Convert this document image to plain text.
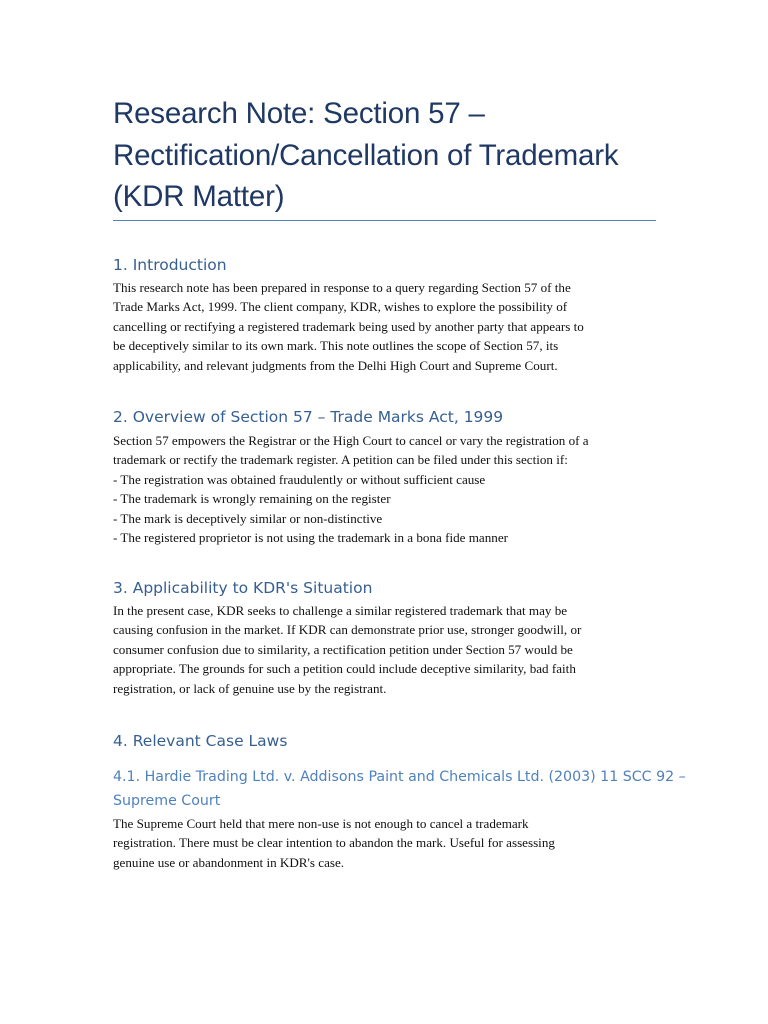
Research Note: Section 57 –
Rectification/Cancellation of Trademark
(KDR Matter)
1. Introduction

This research note has been prepared in response to a query regarding Section 57 of the
Trade Marks Act, 1999. The client company, KDR, wishes to explore the possibility of
cancelling or rectifying a registered trademark being used by another party that appears to
be deceptively similar to its own mark. This note outlines the scope of Section 57, its
applicability, and relevant judgments from the Delhi High Court and Supreme Court.

2. Overview of Section 57 – Trade Marks Act, 1999

Section 57 empowers the Registrar or the High Court to cancel or vary the registration of a
trademark or rectify the trademark register. A petition can be filed under this section if:
- The registration was obtained fraudulently or without sufficient cause
- The trademark is wrongly remaining on the register
- The mark is deceptively similar or non-distinctive
- The registered proprietor is not using the trademark in a bona fide manner

3. Applicability to KDR's Situation

In the present case, KDR seeks to challenge a similar registered trademark that may be
causing confusion in the market. If KDR can demonstrate prior use, stronger goodwill, or
consumer confusion due to similarity, a rectification petition under Section 57 would be
appropriate. The grounds for such a petition could include deceptive similarity, bad faith
registration, or lack of genuine use by the registrant.

4. Relevant Case Laws
4.1. Hardie Trading Ltd. v. Addisons Paint and Chemicals Ltd. (2003) 11 SCC 92 –
Supreme Court

The Supreme Court held that mere non-use is not enough to cancel a trademark
registration. There must be clear intention to abandon the mark. Useful for assessing
genuine use or abandonment in KDR's case.
